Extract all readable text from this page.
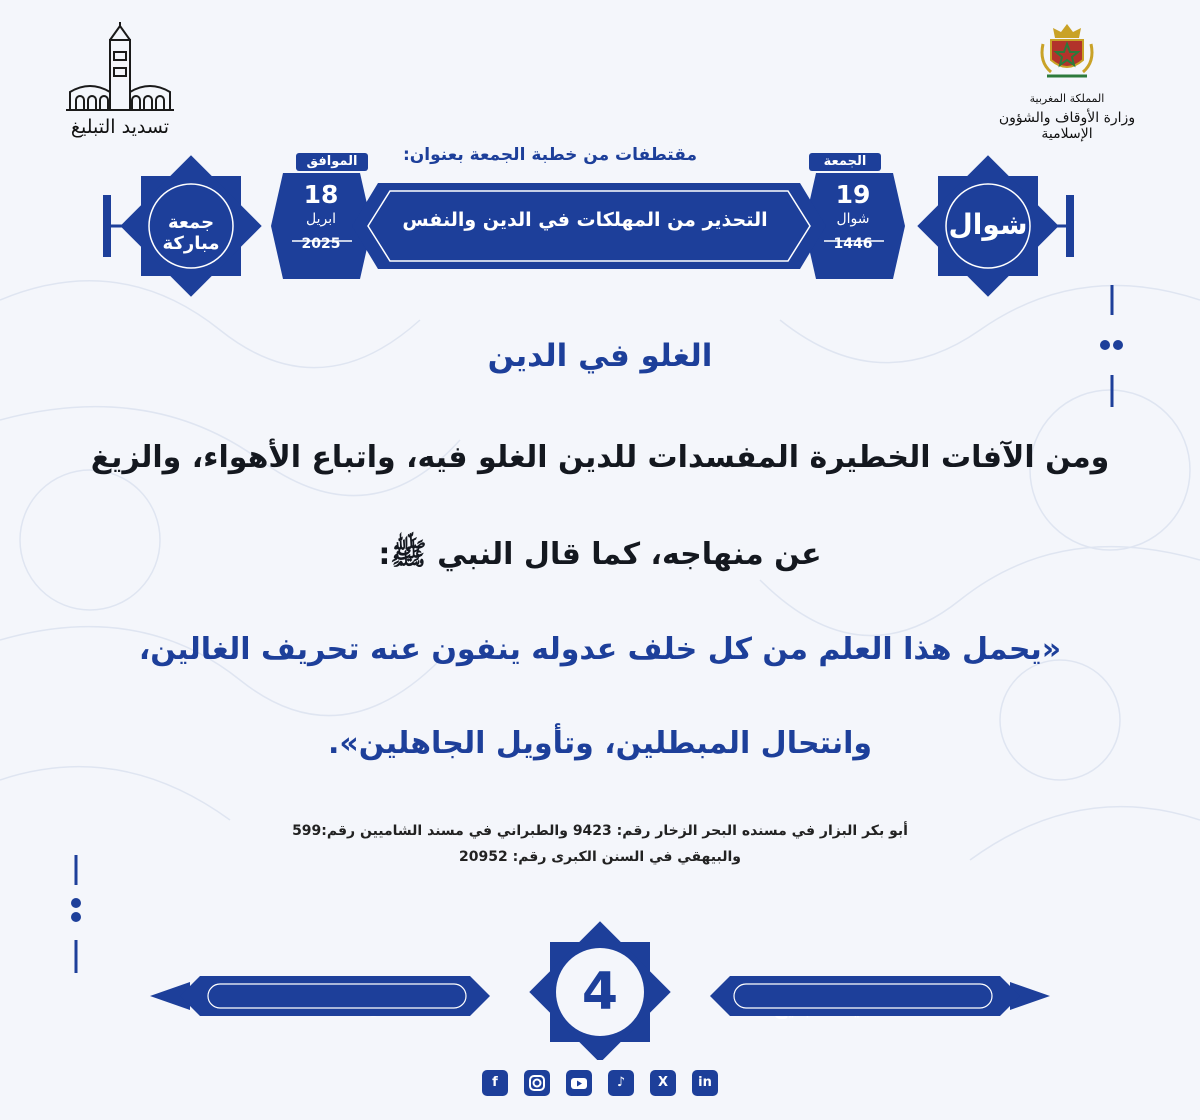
تسديد التبليغ
المملكة المغربية
وزارة الأوقاف والشؤون الإسلامية
مقتطفات من خطبة الجمعة بعنوان:
جمعة مباركة
شوال
الموافق
18
ابريل
2025
الجمعة
19
شوال
1446
التحذير من المهلكات في الدين والنفس
الغلو في الدين
ومن الآفات الخطيرة المفسدات للدين الغلو فيه، واتباع الأهواء، والزيغ
عن منهاجه، كما قال النبي ﷺ:
«يحمل هذا العلم من كل خلف عدوله ينفون عنه تحريف الغالين،
وانتحال المبطلين، وتأويل الجاهلين».
أبو بكر البزار في مسنده البحر الزخار رقم: 9423 والطبراني في مسند الشاميين رقم:599
والبيهقي في السنن الكبرى رقم: 20952
4
f	♪	X	in
